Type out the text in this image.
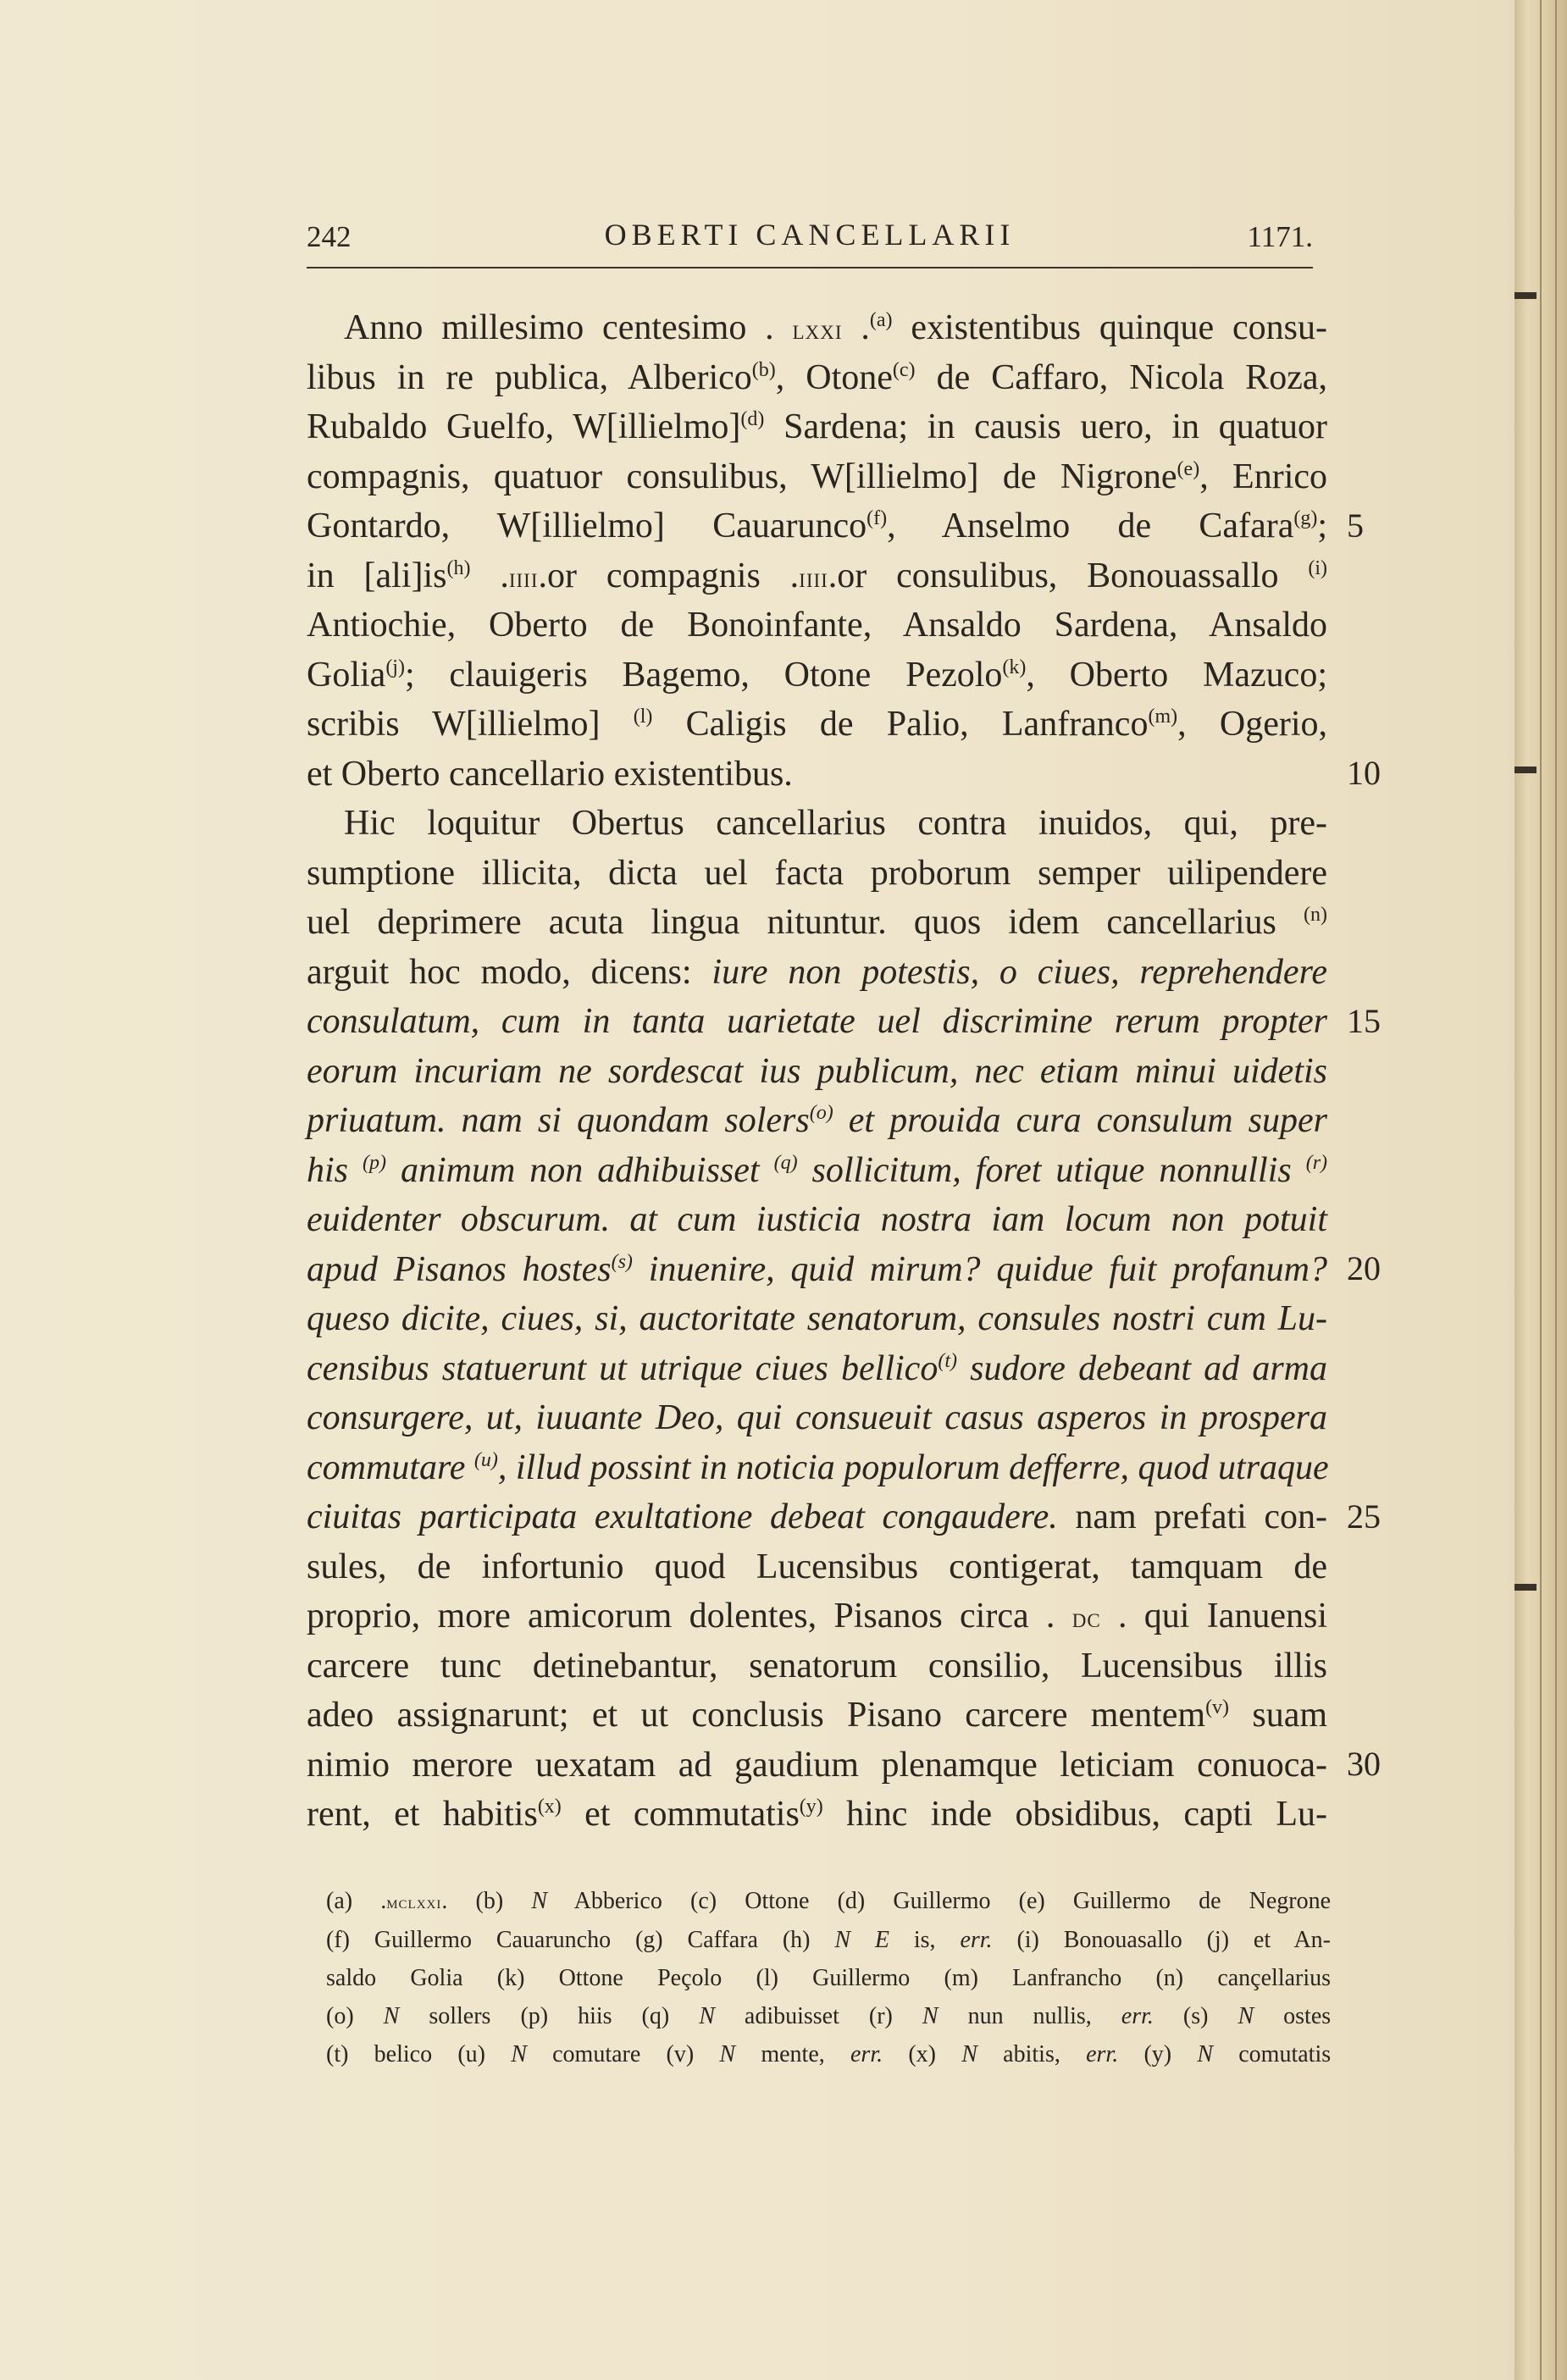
242	OBERTI CANCELLARII	1171.
Anno millesimo centesimo . lxxi .$^{(a)}$ existentibus quinque consu-
libus in re publica, Alberico$^{(b)}$, Otone$^{(c)}$ de Caffaro, Nicola Roza,
Rubaldo Guelfo, W[illielmo]$^{(d)}$ Sardena; in causis uero, in quatuor
compagnis, quatuor consulibus, W[illielmo] de Nigrone$^{(e)}$, Enrico
Gontardo, W[illielmo] Cauarunco$^{(f)}$, Anselmo de Cafara$^{(g)}$;
in $[ali]is^{(h)}$ .iiii.or compagnis .iiii.or consulibus, Bonouassallo $^{(i)}$
Antiochie, Oberto de Bonoinfante, Ansaldo Sardena, Ansaldo
Golia$^{(j)}$; clauigeris Bagemo, Otone Pezolo$^{(k)}$, Oberto Mazuco;
scribis W[illielmo] $^{(l)}$ Caligis de Palio, Lanfranco$^{(m)}$, Ogerio,
et Oberto cancellario existentibus.
Hic loquitur Obertus cancellarius contra inuidos, qui, pre-
sumptione illicita, dicta uel facta proborum semper uilipendere
uel deprimere acuta lingua nituntur. quos idem cancellarius $^{(n)}$
arguit hoc modo, dicens: iure non potestis, o ciues, reprehendere
consulatum, cum in tanta uarietate uel discrimine rerum propter
eorum incuriam ne sordescat ius publicum, nec etiam minui uidetis
priuatum. nam si quondam solers$^{(o)}$ et prouida cura consulum super
his $^{(p)}$ animum non adhibuisset $^{(q)}$ sollicitum, foret utique nonnullis $^{(r)}$
euidenter obscurum. at cum iusticia nostra iam locum non potuit
apud Pisanos hostes$^{(s)}$ inuenire, quid mirum? quidue fuit profanum?
queso dicite, ciues, si, auctoritate senatorum, consules nostri cum Lu-
censibus statuerunt ut utrique ciues bellico$^{(t)}$ sudore debeant ad arma
consurgere, ut, iuuante Deo, qui consueuit casus asperos in prospera
commutare $^{(u)}$, illud possint in noticia populorum defferre, quod utraque
ciuitas participata exultatione debeat congaudere. nam prefati con-
sules, de infortunio quod Lucensibus contigerat, tamquam de
proprio, more amicorum dolentes, Pisanos circa . dc . qui Ianuensi
carcere tunc detinebantur, senatorum consilio, Lucensibus illis
adeo assignarunt; et ut conclusis Pisano carcere mentem$^{(v)}$ suam
nimio merore uexatam ad gaudium plenamque leticiam conuoca-
rent, et habitis$^{(x)}$ et commutatis$^{(y)}$ hinc inde obsidibus, capti Lu-
5
10
15
20
25
30
(a) .mclxxi. (b) N Abberico (c) Ottone (d) Guillermo (e) Guillermo de Negrone
(f) Guillermo Cauaruncho (g) Caffara (h) N E is, err. (i) Bonouasallo (j) et An-
saldo Golia (k) Ottone Peçolo (l) Guillermo (m) Lanfrancho (n) cançellarius
(o) N sollers (p) hiis (q) N adibuisset (r) N nun nullis, err. (s) N ostes
(t) belico (u) N comutare (v) N mente, err. (x) N abitis, err. (y) N comutatis
